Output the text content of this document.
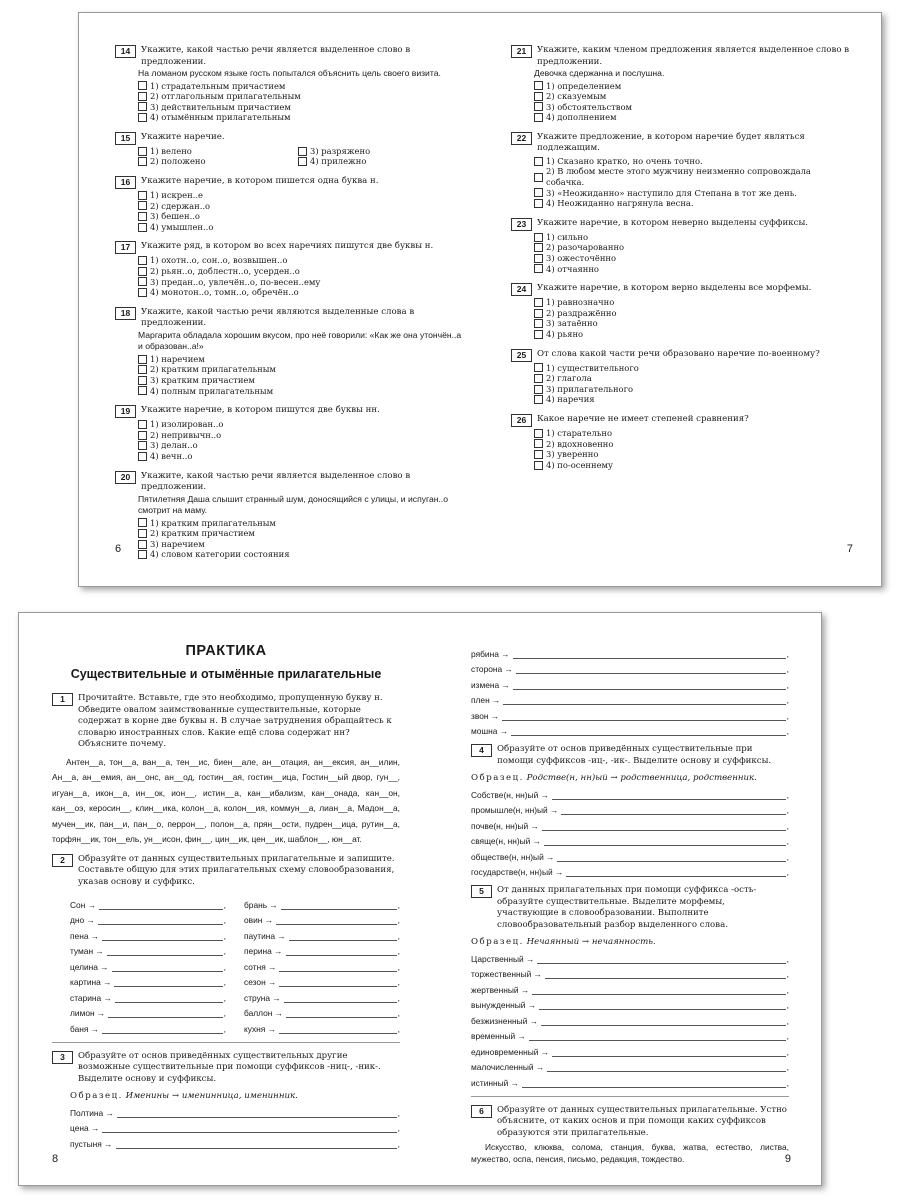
14	Укажите, какой частью речи является выделенное слово в предложении.
На ломаном русском языке гость попытался объяснить цель своего визита.
1) страдательным причастием
2) отглагольным прилагательным
3) действительным причастием
4) отымённым прилагательным
15	Укажите наречие.
1) велено	3) разряжено
2) положено	4) прилежно
16	Укажите наречие, в котором пишется одна буква н.
1) искрен..е
2) сдержан..о
3) бешен..о
4) умышлен..о
17	Укажите ряд, в котором во всех наречиях пишутся две буквы н.
1) охотн..о, сон..о, возвышен..о
2) рьян..о, доблестн..о, усерден..о
3) предан..о, увлечён..о, по-весен..ему
4) монотон..о, томн..о, обречён..о
18	Укажите, какой частью речи являются выделенные слова в предложении.
Маргарита обладала хорошим вкусом, про неё говорили: «Как же она утончён..а и образован..а!»
1) наречием
2) кратким прилагательным
3) кратким причастием
4) полным прилагательным
19	Укажите наречие, в котором пишутся две буквы нн.
1) изолирован..о
2) непривычн..о
3) делан..о
4) вечн..о
20	Укажите, какой частью речи является выделенное слово в предложении.
Пятилетняя Даша слышит странный шум, доносящийся с улицы, и испуган..о смотрит на маму.
1) кратким прилагательным
2) кратким причастием
3) наречием
4) словом категории состояния
21	Укажите, каким членом предложения является выделенное слово в предложении.
Девочка сдержанна и послушна.
1) определением
2) сказуемым
3) обстоятельством
4) дополнением
22	Укажите предложение, в котором наречие будет являться подлежащим.
1) Сказано кратко, но очень точно.
2) В любом месте этого мужчину неизменно сопровождала собачка.
3) «Неожиданно» наступило для Степана в тот же день.
4) Неожиданно нагрянула весна.
23	Укажите наречие, в котором неверно выделены суффиксы.
1) сильно
2) разочарованно
3) ожесточённо
4) отчаянно
24	Укажите наречие, в котором верно выделены все морфемы.
1) равнозначно
2) раздражённо
3) затаённо
4) рьяно
25	От слова какой части речи образовано наречие по-военному?
1) существительного
2) глагола
3) прилагательного
4) наречия
26	Какое наречие не имеет степеней сравнения?
1) старательно
2) вдохновенно
3) уверенно
4) по-осеннему
6	7
ПРАКТИКА
Существительные и отымённые прилагательные
1	Прочитайте. Вставьте, где это необходимо, пропущенную букву н. Обведите овалом заимствованные существительные, которые содержат в корне две буквы н. В случае затруднения обращайтесь к словарю иностранных слов. Какие ещё слова содержат нн? Объясните почему.
Антен__а, тон__а, ван__а, тен__ис, биен__але, ан__отация, ан__ексия, ан__илин, Ан__а, ан__емия, ан__онс, ан__од, гостин__ая, гостин__ица, Гостин__ый двор, гун__, игуан__а, икон__а, ин__ок, ион__, истин__а, кан__ибализм, кан__онада, кан__он, кан__оэ, керосин__, клин__ика, колон__а, колон__ия, коммун__а, лиан__а, Мадон__а, мучен__ик, пан__и, пан__о, перрон__, полон__а, прян__ости, пудрен__ица, рутин__а, торфян__ик, тон__ель, ун__исон, фин__, цин__ик, цен__ик, шаблон__, юн__ат.
2	Образуйте от данных существительных прилагательные и запишите. Составьте общую для этих прилагательных схему словообразования, указав основу и суффикс.
Сон →	,
дно →	,
пена →	,
туман →	,
целина →	,
картина →	,
старина →	,
лимон →	,
баня →	,
брань →	,
овин →	,
паутина →	,
перина →	,
сотня →	,
сезон →	,
струна →	,
баллон →	,
кухня →	,
3	Образуйте от основ приведённых существительных другие возможные существительные при помощи суффиксов -ниц-, -ник-. Выделите основу и суффиксы.
Образец. Именины → именинница, именинник.
Полтина →	,
цена →	,
пустыня →	,
рябина →	,
сторона →	,
измена →	,
плен →	,
звон →	,
мошна →	,
4	Образуйте от основ приведённых существительные при помощи суффиксов -иц-, -ик-. Выделите основу и суффиксы.
Образец. Родстве(н, нн)ый → родственница, родственник.
Собстве(н, нн)ый →	,
промышле(н, нн)ый →	,
почве(н, нн)ый →	,
свяще(н, нн)ый →	,
обществе(н, нн)ый →	,
государстве(н, нн)ый →	,
5	От данных прилагательных при помощи суффикса -ость- образуйте существительные. Выделите морфемы, участвующие в словообразовании. Выполните словообразовательный разбор выделенного слова.
Образец. Нечаянный → нечаянность.
Царственный →	,
торжественный →	,
жертвенный →	,
вынужденный →	,
безжизненный →	,
временный →	,
единовременный →	,
малочисленный →	,
истинный →	,
6	Образуйте от данных существительных прилагательные. Устно объясните, от каких основ и при помощи каких суффиксов образуются эти прилагательные.
Искусство, клюква, солома, станция, буква, жатва, естество, листва, мужество, оспа, пенсия, письмо, редакция, тождество.
8	9
